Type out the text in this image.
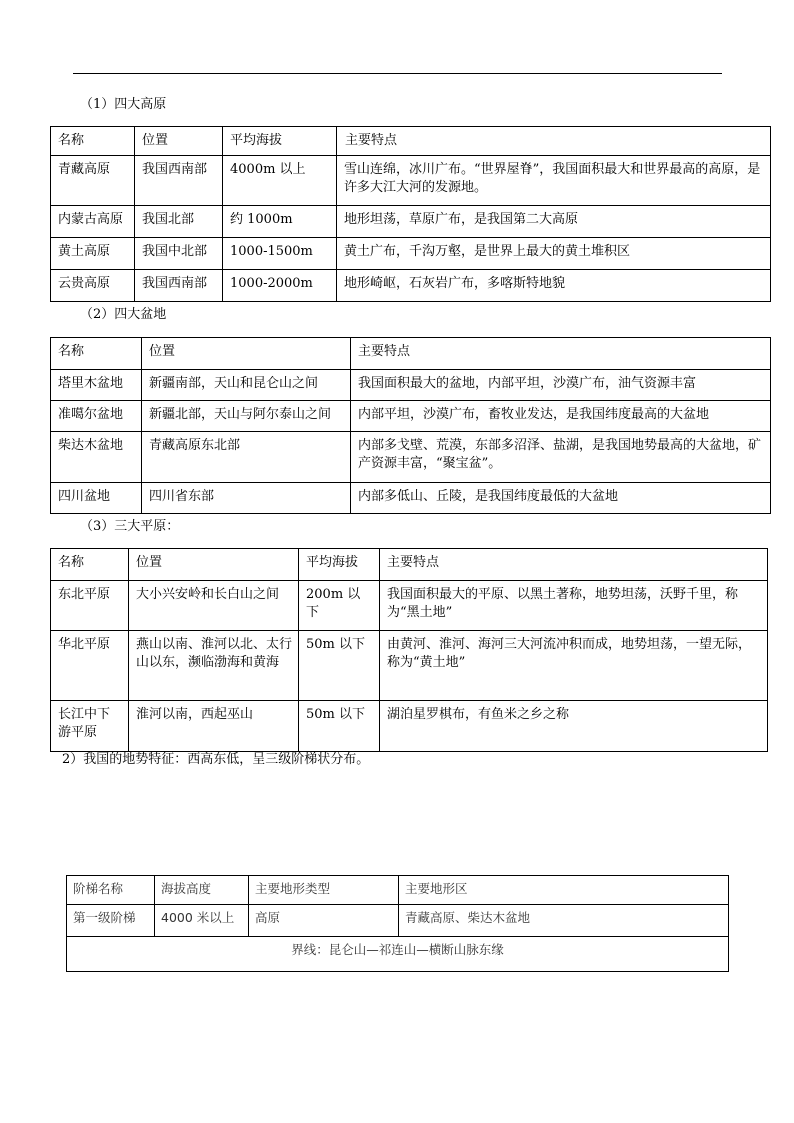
（1）四大高原
名称	位置	平均海拔	主要特点
青藏高原	我国西南部	4000m 以上	雪山连绵，冰川广布。“世界屋脊”，我国面积最大和世界最高的高原，是许多大江大河的发源地。
内蒙古高原	我国北部	约 1000m	地形坦荡，草原广布，是我国第二大高原
黄土高原	我国中北部	1000-1500m	黄土广布，千沟万壑，是世界上最大的黄土堆积区
云贵高原	我国西南部	1000-2000m	地形崎岖，石灰岩广布，多喀斯特地貌
（2）四大盆地
名称	位置	主要特点
塔里木盆地	新疆南部，天山和昆仑山之间	我国面积最大的盆地，内部平坦，沙漠广布，油气资源丰富
准噶尔盆地	新疆北部，天山与阿尔泰山之间	内部平坦，沙漠广布，畜牧业发达，是我国纬度最高的大盆地
柴达木盆地	青藏高原东北部	内部多戈壁、荒漠，东部多沼泽、盐湖，是我国地势最高的大盆地，矿产资源丰富，“聚宝盆”。
四川盆地	四川省东部	内部多低山、丘陵，是我国纬度最低的大盆地
（3）三大平原：
名称	位置	平均海拔	主要特点
东北平原	大小兴安岭和长白山之间	200m 以下	我国面积最大的平原、以黑土著称，地势坦荡，沃野千里，称为“黑土地”
华北平原	燕山以南、淮河以北、太行山以东，濒临渤海和黄海	50m 以下	由黄河、淮河、海河三大河流冲积而成，地势坦荡，一望无际，称为“黄土地”
长江中下游平原	淮河以南，西起巫山	50m 以下	湖泊星罗棋布，有鱼米之乡之称
2）我国的地势特征：西高东低，呈三级阶梯状分布。
阶梯名称	海拔高度	主要地形类型	主要地形区
第一级阶梯	4000 米以上	高原	青藏高原、柴达木盆地
界线：昆仑山—祁连山—横断山脉东缘			
